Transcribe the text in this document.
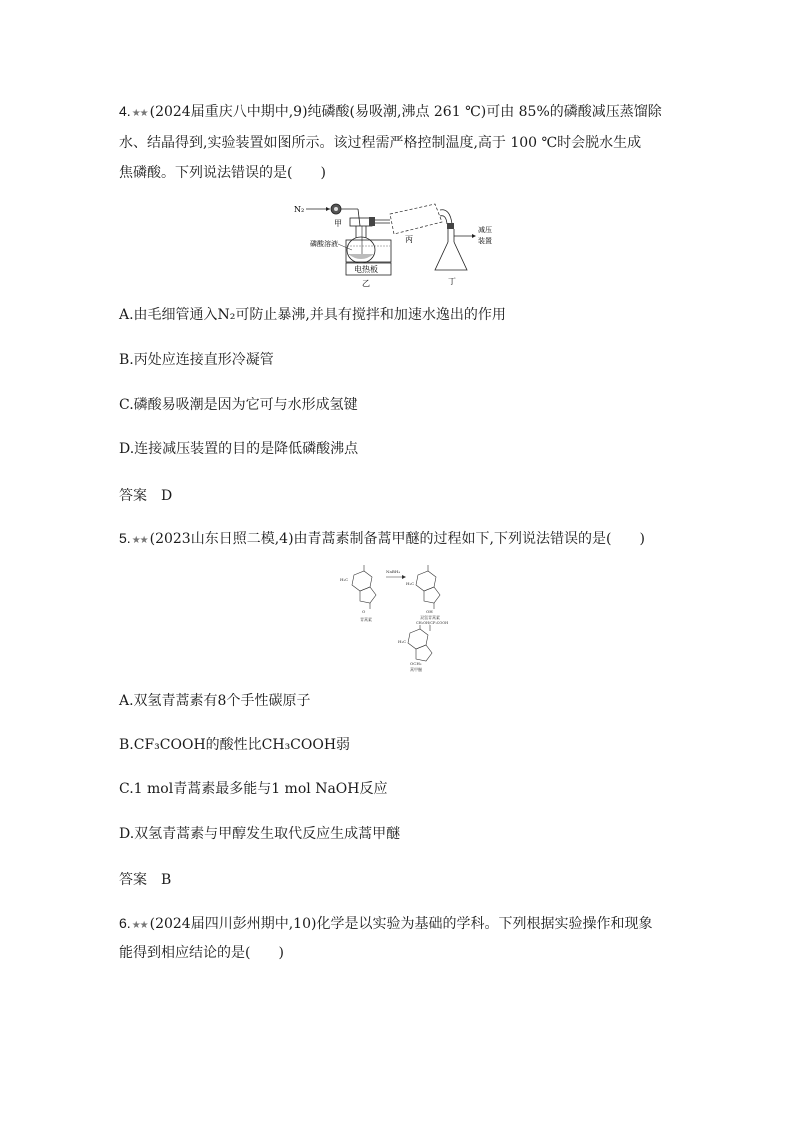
4.★★ (2024届重庆八中期中,9)纯磷酸(易吸潮,沸点 261 ℃)可由 85%的磷酸减压蒸馏除
水、结晶得到,实验装置如图所示。该过程需严格控制温度,高于 100 ℃时会脱水生成
焦磷酸。下列说法错误的是(　　)
N₂
甲
磷酸溶液
电热板
乙
丙
丁
减压
装置
A.由毛细管通入N₂可防止暴沸,并具有搅拌和加速水逸出的作用
B.丙处应连接直形冷凝管
C.磷酸易吸潮是因为它可与水形成氢键
D.连接减压装置的目的是降低磷酸沸点
答案 D
5.★★ (2023山东日照二模,4)由青蒿素制备蒿甲醚的过程如下,下列说法错误的是(　　)
H₃C
O
青蒿素
NaBH₄
H₃C
OH
双氢青蒿素
CH₃OH/CF₃COOH
H₃C
OCH₃
蒿甲醚
A.双氢青蒿素有8个手性碳原子
B.CF₃COOH的酸性比CH₃COOH弱
C.1 mol青蒿素最多能与1 mol NaOH反应
D.双氢青蒿素与甲醇发生取代反应生成蒿甲醚
答案 B
6.★★ (2024届四川彭州期中,10)化学是以实验为基础的学科。下列根据实验操作和现象
能得到相应结论的是(　　)
